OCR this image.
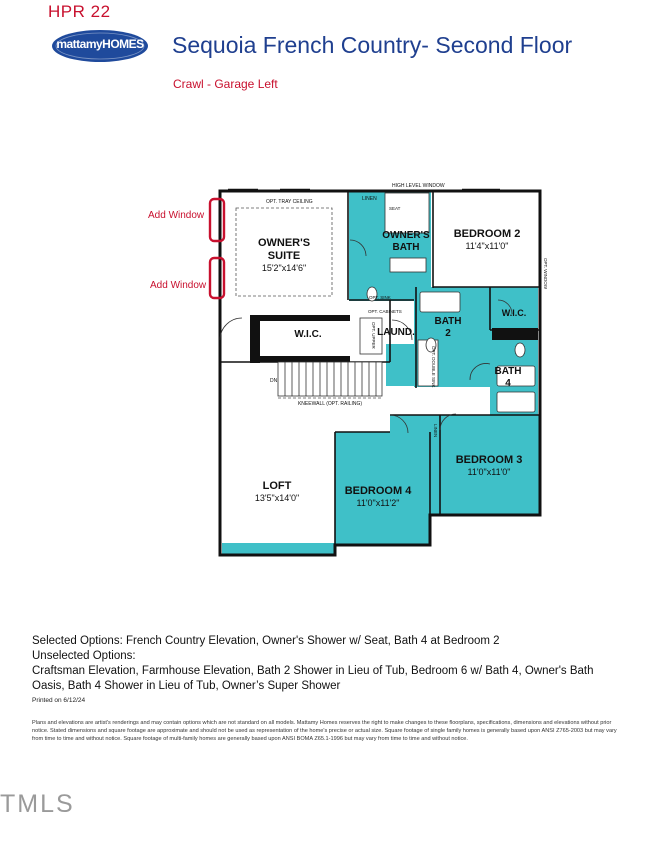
HPR 22
mattamyHOMES Sequoia French Country- Second Floor
Crawl - Garage Left
OPT. TRAY CEILING
HIGH LEVEL WINDOW
LINEN
SEAT
OWNER'S
SUITE
15'2"x14'6"
OWNER'S
BATH
BEDROOM 2
11'4"x11'0"
OPT. WINDOW
OPT. SINK
OPT. CABINETS
W.I.C.	LAUND.
OPT. UPPER
BATH
2
W.I.C.
BATH
4
OPT. DOUBLE SINK
DN
KNEEWALL (OPT. RAILING)
LINEN
BEDROOM 3
11'0"x11'0"
LOFT
13'5"x14'0"
BEDROOM 4
11'0"x11'2"
Add Window
Add Window
Selected Options: French Country Elevation, Owner's Shower w/ Seat, Bath 4 at Bedroom 2
Unselected Options:
Craftsman Elevation, Farmhouse Elevation, Bath 2 Shower in Lieu of Tub, Bedroom 6 w/ Bath 4, Owner's Bath Oasis, Bath 4 Shower in Lieu of Tub, Owner’s Super Shower
Printed on 6/12/24
Plans and elevations are artist's renderings and may contain options which are not standard on all models. Mattamy Homes reserves the right to make changes to these floorplans, specifications, dimensions and elevations without prior notice. Stated dimensions and square footage are approximate and should not be used as representation of the home's precise or actual size. Square footage of single family homes is generally based upon ANSI Z765-2003 but may vary from time to time and without notice. Square footage of multi-family homes are generally based upon ANSI BOMA Z65.1-1996 but may vary from time to time and without notice.
TMLS
